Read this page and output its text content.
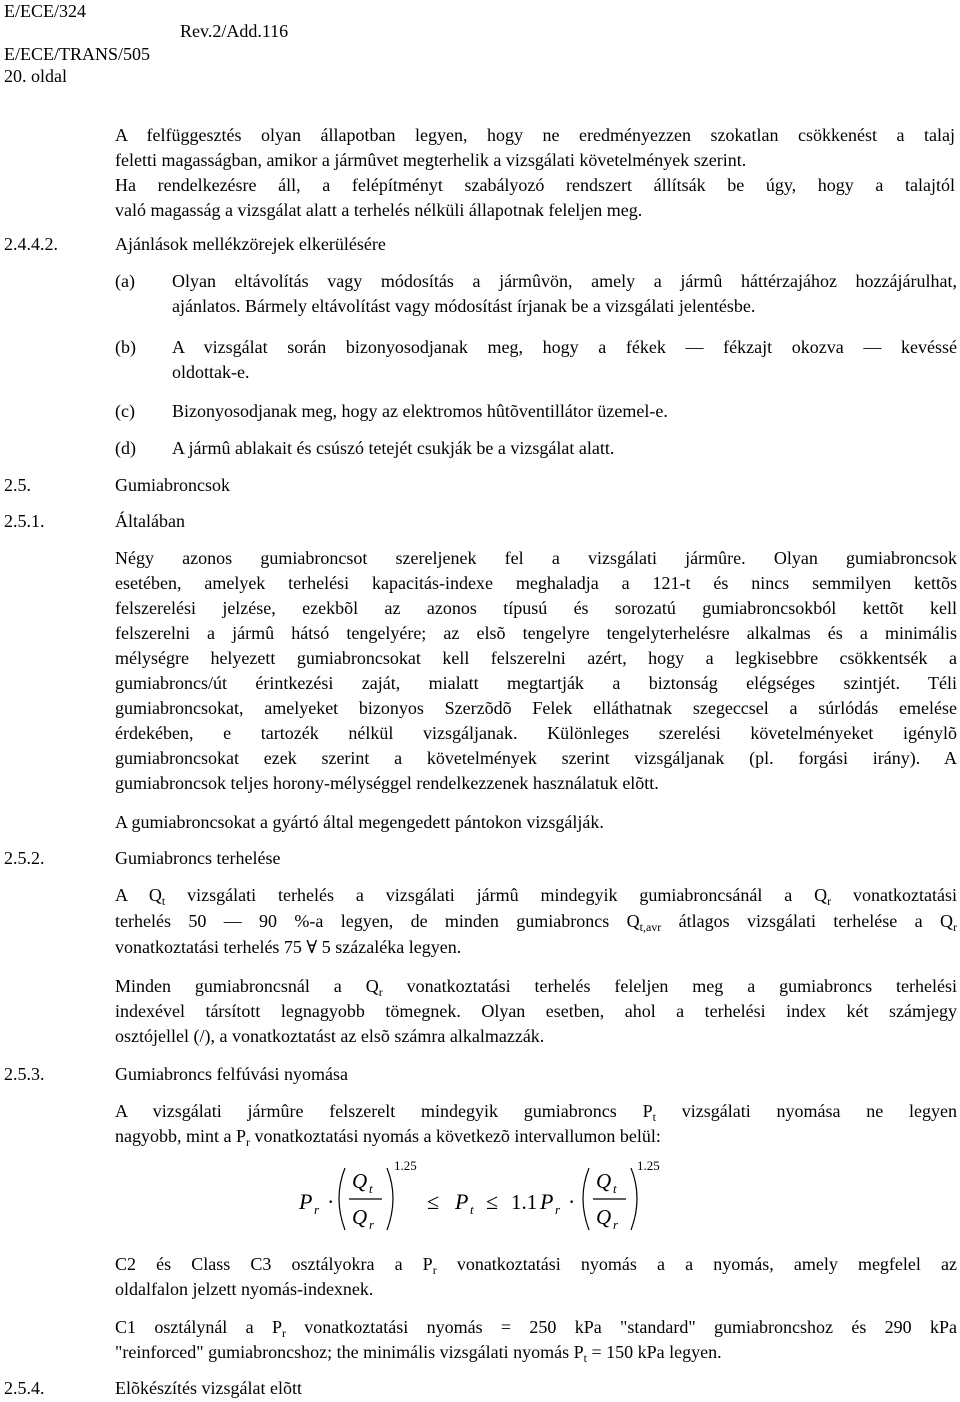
E/ECE/324
Rev.2/Add.116
E/ECE/TRANS/505
20. oldal
A felfüggesztés olyan állapotban legyen, hogy ne eredményezzen szokatlan csökkenést a talaj
feletti magasságban, amikor a jármûvet megterhelik a vizsgálati követelmények szerint.
Ha rendelkezésre áll, a felépítményt szabályozó rendszert állítsák be úgy, hogy a talajtól
való magasság a vizsgálat alatt a terhelés nélküli állapotnak feleljen meg.
2.4.4.2.	Ajánlások mellékzörejek elkerülésére
(a) Olyan eltávolítás vagy módosítás a jármûvön, amely a jármû háttérzajához hozzájárulhat,
ajánlatos. Bármely eltávolítást vagy módosítást írjanak be a vizsgálati jelentésbe.
(b) A vizsgálat során bizonyosodjanak meg, hogy a fékek — fékzajt okozva — kevéssé
oldottak-e.
(c) Bizonyosodjanak meg, hogy az elektromos hûtõventillátor üzemel-e.
(d) A jármû ablakait és csúszó tetejét csukják be a vizsgálat alatt.
2.5.	Gumiabroncsok
2.5.1.	Általában
Négy azonos gumiabroncsot szereljenek fel a vizsgálati jármûre. Olyan gumiabroncsok
esetében, amelyek terhelési kapacitás-indexe meghaladja a 121-t és nincs semmilyen kettõs
felszerelési jelzése, ezekbõl az azonos típusú és sorozatú gumiabroncsokból kettõt kell
felszerelni a jármû hátsó tengelyére; az elsõ tengelyre tengelyterhelésre alkalmas és a minimális
mélységre helyezett gumiabroncsokat kell felszerelni azért, hogy a legkisebbre csökkentsék a
gumiabroncs/út érintkezési zaját, mialatt megtartják a biztonság elégséges szintjét. Téli
gumiabroncsokat, amelyeket bizonyos Szerzõdõ Felek elláthatnak szegeccsel a súrlódás emelése
érdekében, e tartozék nélkül vizsgáljanak. Különleges szerelési követelményeket igénylõ
gumiabroncsokat ezek szerint a követelmények szerint vizsgáljanak (pl. forgási irány). A
gumiabroncsok teljes horony-mélységgel rendelkezzenek használatuk elõtt.
A gumiabroncsokat a gyártó által megengedett pántokon vizsgálják.
2.5.2.	Gumiabroncs terhelése
A $Q_t$ vizsgálati terhelés a vizsgálati jármû mindegyik gumiabroncsánál a $Q_r$ vonatkoztatási
terhelés 50 — 90 %-a legyen, de minden gumiabroncs $Q_{t,avr}$ átlagos vizsgálati terhelése a $Q_r$
vonatkoztatási terhelés 75 ∀ 5 százaléka legyen.
Minden gumiabroncsnál a $Q_r$ vonatkoztatási terhelés feleljen meg a gumiabroncs terhelési
indexével társított legnagyobb tömegnek. Olyan esetben, ahol a terhelési index két számjegy
osztójellel (/), a vonatkoztatást az elsõ számra alkalmazzák.
2.5.3.	Gumiabroncs felfúvási nyomása
A vizsgálati jármûre felszerelt mindegyik gumiabroncs $P_t$ vizsgálati nyomása ne legyen
nagyobb, mint a $P_r$ vonatkoztatási nyomás a következõ intervallumon belül:
P r ·
Q t
Q r
1.25
≤ P t ≤ 1.1 P r ·
Q t
Q r
1.25
C2 és Class C3 osztályokra a $P_r$ vonatkoztatási nyomás a a nyomás, amely megfelel az
oldalfalon jelzett nyomás-indexnek.
C1 osztálynál a $P_r$ vonatkoztatási nyomás = 250 kPa "standard" gumiabroncshoz és 290 kPa
"reinforced" gumiabroncshoz; the minimális vizsgálati nyomás $P_t = 150$ kPa legyen.
2.5.4.	Elõkészítés vizsgálat elõtt
